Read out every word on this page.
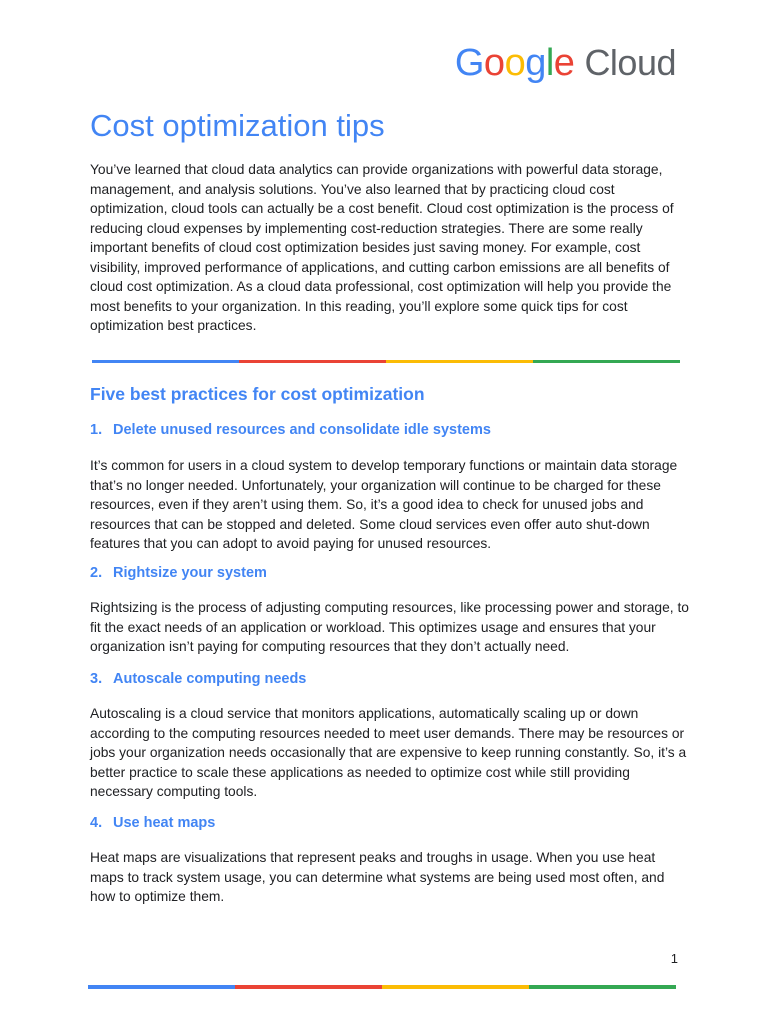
G o o g l e Cloud
Cost optimization tips

You’ve learned that cloud data analytics can provide organizations with powerful data storage, management, and analysis solutions. You’ve also learned that by practicing cloud cost optimization, cloud tools can actually be a cost benefit. Cloud cost optimization is the process of reducing cloud expenses by implementing cost-reduction strategies. There are some really important benefits of cloud cost optimization besides just saving money. For example, cost visibility, improved performance of applications, and cutting carbon emissions are all benefits of cloud cost optimization. As a cloud data professional, cost optimization will help you provide the most benefits to your organization. In this reading, you’ll explore some quick tips for cost optimization best practices.

Five best practices for cost optimization
1. Delete unused resources and consolidate idle systems

It’s common for users in a cloud system to develop temporary functions or maintain data storage that’s no longer needed. Unfortunately, your organization will continue to be charged for these resources, even if they aren’t using them. So, it’s a good idea to check for unused jobs and resources that can be stopped and deleted. Some cloud services even offer auto shut-down features that you can adopt to avoid paying for unused resources.

2. Rightsize your system

Rightsizing is the process of adjusting computing resources, like processing power and storage, to fit the exact needs of an application or workload. This optimizes usage and ensures that your organization isn’t paying for computing resources that they don’t actually need.

3. Autoscale computing needs

Autoscaling is a cloud service that monitors applications, automatically scaling up or down according to the computing resources needed to meet user demands. There may be resources or jobs your organization needs occasionally that are expensive to keep running constantly. So, it’s a better practice to scale these applications as needed to optimize cost while still providing necessary computing tools.

4. Use heat maps

Heat maps are visualizations that represent peaks and troughs in usage. When you use heat maps to track system usage, you can determine what systems are being used most often, and how to optimize them.

1
